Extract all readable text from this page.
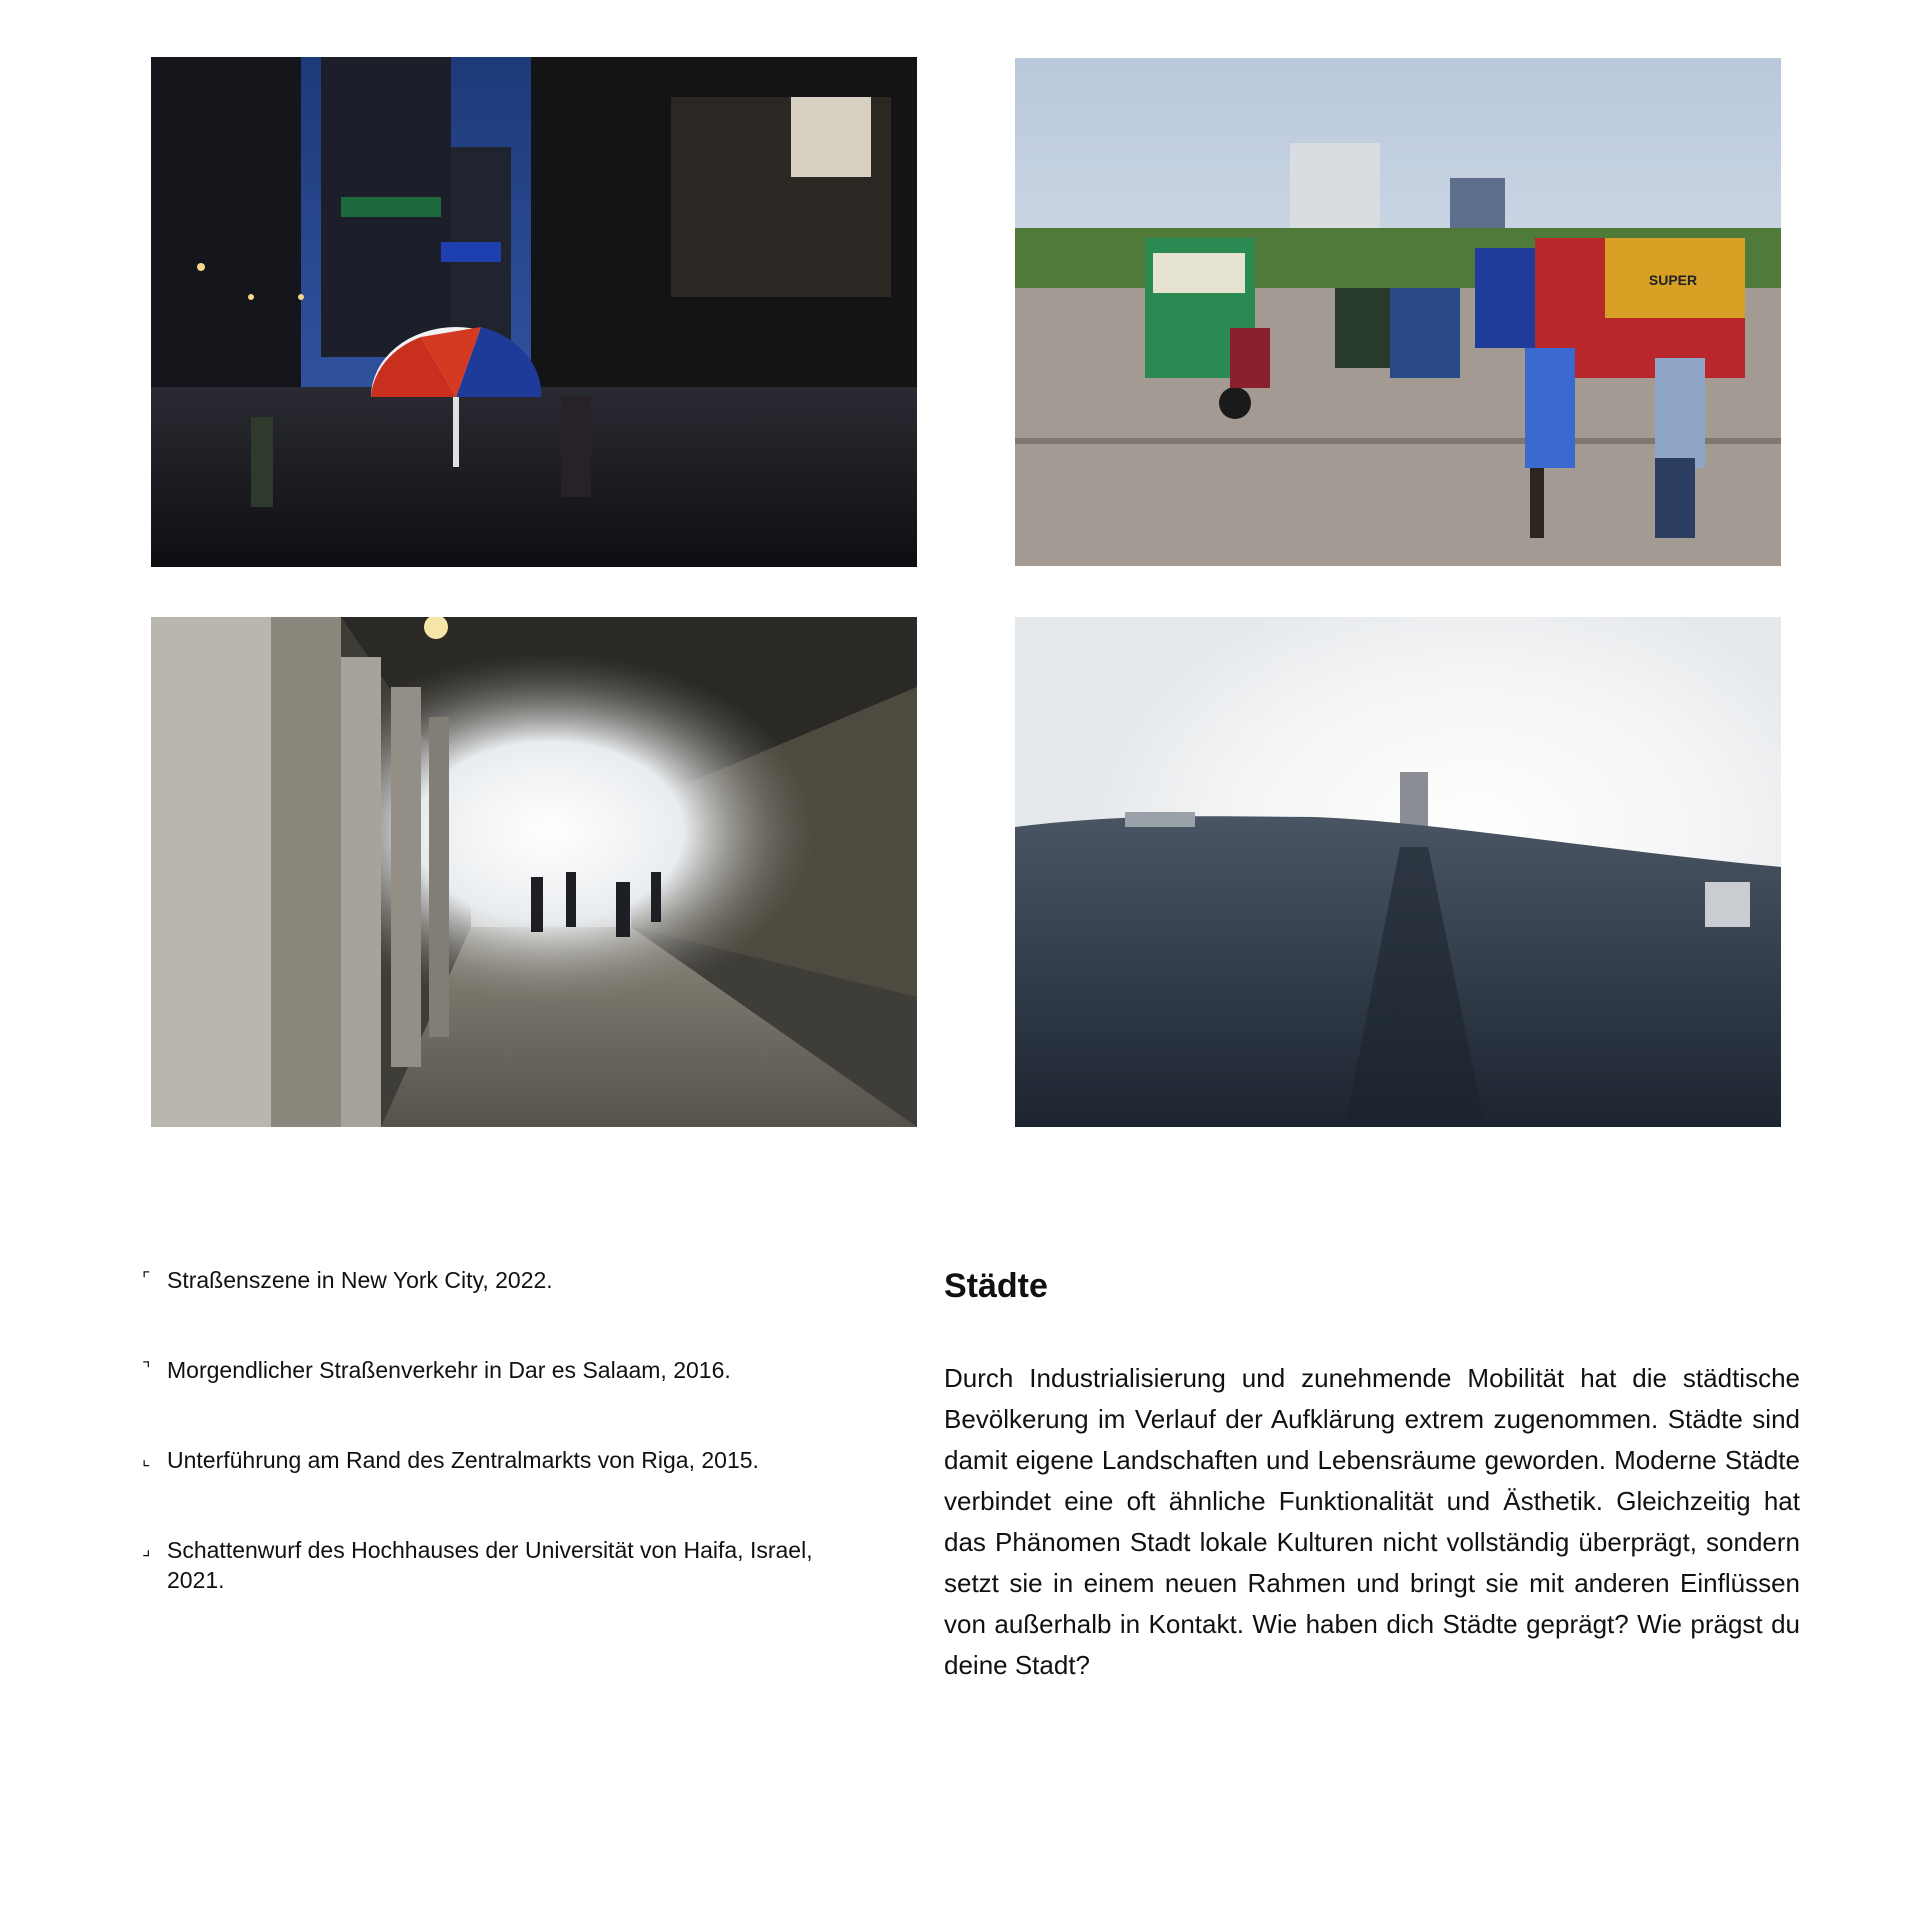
SUPER
⌜ Straßenszene in New York City, 2022.
⌝ Morgendlicher Straßenverkehr in Dar es Salaam, 2016.
⌞ Unterführung am Rand des Zentralmarkts von Riga, 2015.
⌟ Schattenwurf des Hochhauses der Universität von Haifa, Israel, 2021.
Städte

Durch Industrialisierung und zunehmende Mobilität hat die städtische Bevölkerung im Verlauf der Aufklärung extrem zugenommen. Städte sind damit eigene Landschaften und Lebensräume geworden. Moderne Städte verbindet eine oft ähnliche Funktionalität und Ästhetik. Gleichzeitig hat das Phänomen Stadt lokale Kulturen nicht vollständig überprägt, sondern setzt sie in einem neuen Rahmen und bringt sie mit anderen Einflüssen von außerhalb in Kontakt. Wie haben dich Städte geprägt? Wie prägst du deine Stadt?
